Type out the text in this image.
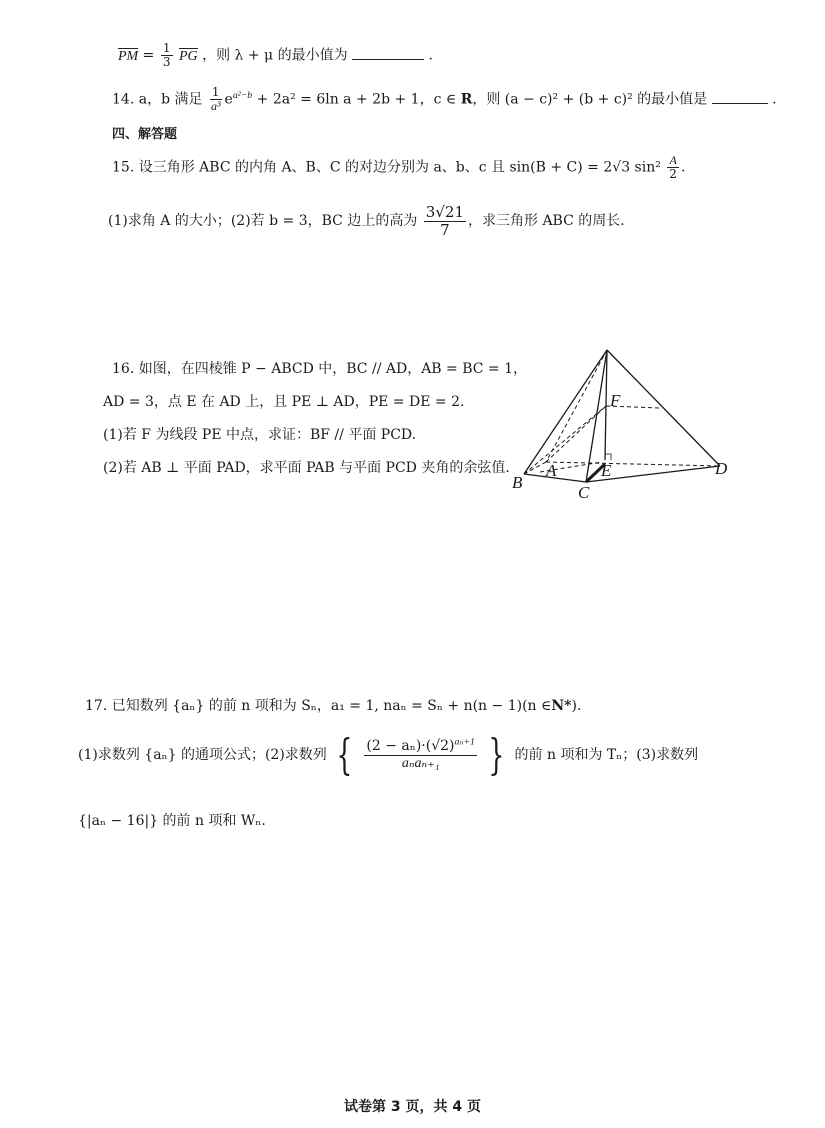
PM = $\frac{1}{3}$ PG ，则 λ + μ 的最小值为	.
14. a，b 满足 $\frac{1}{\text{a³}} e^{a^2-b} + 2a^2 = 6\ln$ a + 2b + 1，c ∈ R，则 (a − c)² + (b + c)² 的最小值是	.
四、解答题
15. 设三角形 ABC 的内角 A、B、C 的对边分别为 a、b、c 且 sin(B + C) = 2√3 $\sin^2 \frac{A}{2}$ .
(1)求角 A 的大小；(2)若 b = 3，BC 边上的高为 $\frac{3√21}{7}$ ，求三角形 ABC 的周长.
16. 如图，在四棱锥 P − ABCD 中，BC // AD，AB = BC = 1，
AD = 3，点 E 在 AD 上，且 PE ⊥ AD，PE = DE = 2.
(1)若 F 为线段 PE 中点，求证：BF // 平面 PCD.
(2)若 AB ⊥ 平面 PAD，求平面 PAB 与平面 PCD 夹角的余弦值.
F
A
B
C
E	D
17. 已知数列 {aₙ} 的前 n 项和为 Sₙ，a₁ = 1, naₙ = Sₙ + n(n − 1)(n ∈N*).
(1)求数列 {aₙ} 的通项公式；(2)求数列 { $\frac{(2 - a_n)\cdot(√2)^{a_n+1}}{\text{aₙaₙ₊₁}}$ } 的前 n 项和为 Tₙ；(3)求数列
{|aₙ − 16|} 的前 n 项和 Wₙ.
试卷第 3 页，共 4 页
